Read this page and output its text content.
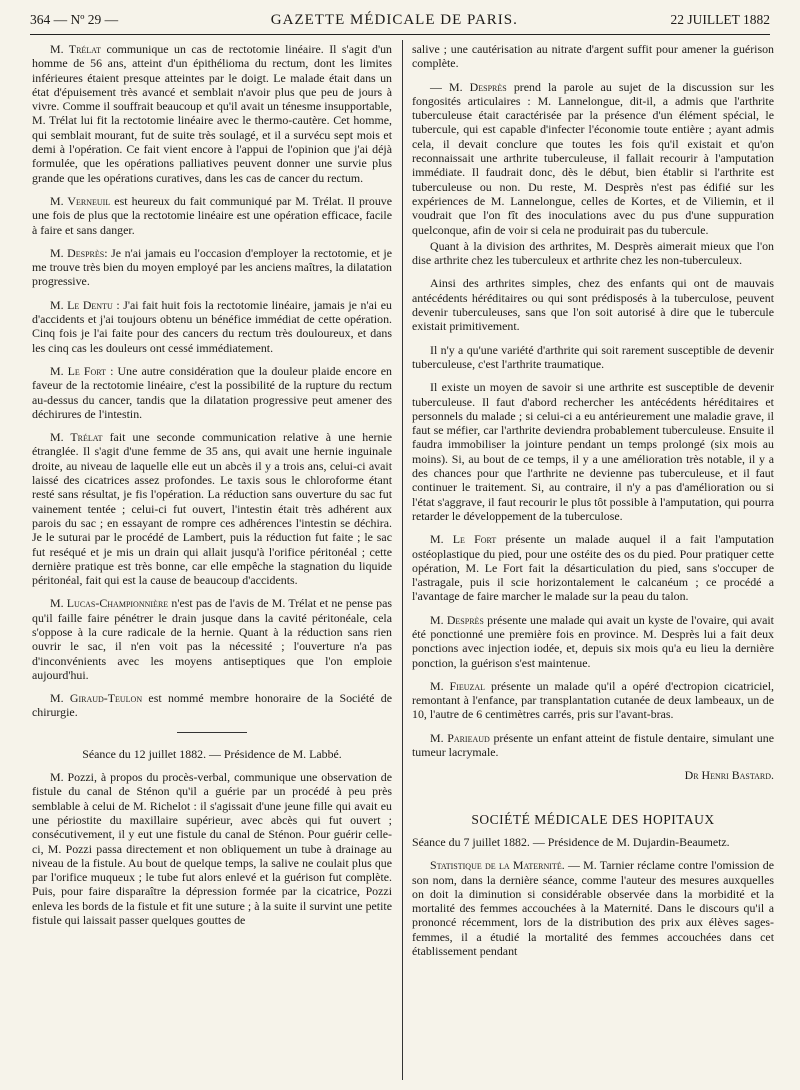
364 — Nº 29 —	GAZETTE MÉDICALE DE PARIS.	22 JUILLET 1882

M. Trélat communique un cas de rectotomie linéaire. Il s'agit d'un homme de 56 ans, atteint d'un épithélioma du rectum, dont les limites inférieures étaient presque atteintes par le doigt. Le malade était dans un état d'épuisement très avancé et semblait n'avoir plus que peu de jours à vivre. Comme il souffrait beaucoup et qu'il avait un ténesme insupportable, M. Trélat lui fit la rectotomie linéaire avec le thermo-cautère. Cet homme, qui semblait mourant, fut de suite très soulagé, et il a survécu sept mois et demi à l'opération. Ce fait vient encore à l'appui de l'opinion que j'ai déjà formulée, que les opérations palliatives peuvent donner une survie plus grande que les opérations curatives, dans les cas de cancer du rectum.

M. Verneuil est heureux du fait communiqué par M. Trélat. Il prouve une fois de plus que la rectotomie linéaire est une opération efficace, facile à faire et sans danger.

M. Desprès: Je n'ai jamais eu l'occasion d'employer la rectotomie, et je me trouve très bien du moyen employé par les anciens maîtres, la dilatation progressive.

M. Le Dentu : J'ai fait huit fois la rectotomie linéaire, jamais je n'ai eu d'accidents et j'ai toujours obtenu un bénéfice immédiat de cette opération. Cinq fois je l'ai faite pour des cancers du rectum très douloureux, et dans les cinq cas les douleurs ont cessé immédiatement.

M. Le Fort : Une autre considération que la douleur plaide encore en faveur de la rectotomie linéaire, c'est la possibilité de la rupture du rectum au-dessus du cancer, tandis que la dilatation progressive peut amener des déchirures de l'intestin.

M. Trélat fait une seconde communication relative à une hernie étranglée. Il s'agit d'une femme de 35 ans, qui avait une hernie inguinale droite, au niveau de laquelle elle eut un abcès il y a trois ans, celui-ci avait laissé des cicatrices assez profondes. Le taxis sous le chloroforme étant resté sans résultat, je fis l'opération. La réduction sans ouverture du sac fut vainement tentée ; celui-ci fut ouvert, l'intestin était très adhérent aux parois du sac ; en essayant de rompre ces adhérences l'intestin se déchira. Je le suturai par le procédé de Lambert, puis la réduction fut faite ; le sac fut reséqué et je mis un drain qui allait jusqu'à l'orifice péritonéal ; cette dernière pratique est très bonne, car elle empêche la stagnation du liquide péritonéal, fait qui est la cause de beaucoup d'accidents.

M. Lucas-Championnière n'est pas de l'avis de M. Trélat et ne pense pas qu'il faille faire pénétrer le drain jusque dans la cavité péritonéale, cela s'oppose à la cure radicale de la hernie. Quant à la réduction sans rien ouvrir le sac, il n'en voit pas la nécessité ; l'ouverture n'a pas d'inconvénients avec les moyens antiseptiques que l'on emploie aujourd'hui.

M. Giraud-Teulon est nommé membre honoraire de la Société de chirurgie.

Séance du 12 juillet 1882. — Présidence de M. Labbé.

M. Pozzi, à propos du procès-verbal, communique une observation de fistule du canal de Sténon qu'il a guérie par un procédé à peu près semblable à celui de M. Richelot : il s'agissait d'une jeune fille qui avait eu une périostite du maxillaire supérieur, avec abcès qui fut ouvert ; consécutivement, il y eut une fistule du canal de Sténon. Pour guérir celle-ci, M. Pozzi passa directement et non obliquement un tube à drainage au niveau de la fistule. Au bout de quelque temps, la salive ne coulait plus que par l'orifice muqueux ; le tube fut alors enlevé et la guérison fut complète. Puis, pour faire disparaître la dépression formée par la cicatrice, Pozzi enleva les bords de la fistule et fit une suture ; à la suite il survint une petite fistule qui laissait passer quelques gouttes de

salive ; une cautérisation au nitrate d'argent suffit pour amener la guérison complète.

— M. Desprès prend la parole au sujet de la discussion sur les fongosités articulaires : M. Lannelongue, dit-il, a admis que l'arthrite tuberculeuse était caractérisée par la présence d'un élément spécial, le tubercule, qui est capable d'infecter l'économie toute entière ; ayant admis cela, il devait conclure que toutes les fois qu'il existait et qu'on reconnaissait une arthrite tuberculeuse, il fallait recourir à l'amputation immédiate. Il faudrait donc, dès le début, bien établir si l'arthrite est tuberculeuse ou non. Du reste, M. Desprès n'est pas édifié sur les expériences de M. Lannelongue, celles de Kortes, et de Viliemin, et il voudrait que l'on fît des inoculations avec du pus d'une suppuration quelconque, afin de voir si cela ne produirait pas du tubercule.

Quant à la division des arthrites, M. Desprès aimerait mieux que l'on dise arthrite chez les tuberculeux et arthrite chez les non-tuberculeux.

Ainsi des arthrites simples, chez des enfants qui ont de mauvais antécédents héréditaires ou qui sont prédisposés à la tuberculose, peuvent devenir tuberculeuses, sans que l'on soit autorisé à dire que le tubercule existait primitivement.

Il n'y a qu'une variété d'arthrite qui soit rarement susceptible de devenir tuberculeuse, c'est l'arthrite traumatique.

Il existe un moyen de savoir si une arthrite est susceptible de devenir tuberculeuse. Il faut d'abord rechercher les antécédents héréditaires et personnels du malade ; si celui-ci a eu antérieurement une maladie grave, il faut se méfier, car l'arthrite deviendra probablement tuberculeuse. Ensuite il faudra immobiliser la jointure pendant un temps prolongé (six mois au moins). Si, au bout de ce temps, il y a une amélioration très notable, il y a des chances pour que l'arthrite ne devienne pas tuberculeuse, et il faut continuer le traitement. Si, au contraire, il n'y a pas d'amélioration ou si l'état s'aggrave, il faut recourir le plus tôt possible à l'amputation, qui pourra retarder le développement de la tuberculose.

M. Le Fort présente un malade auquel il a fait l'amputation ostéoplastique du pied, pour une ostéite des os du pied. Pour pratiquer cette opération, M. Le Fort fait la désarticulation du pied, sans s'occuper de l'astragale, puis il scie horizontalement le calcanéum ; ce procédé a l'avantage de faire marcher le malade sur la peau du talon.

M. Desprès présente une malade qui avait un kyste de l'ovaire, qui avait été ponctionné une première fois en province. M. Desprès lui a fait deux ponctions avec injection iodée, et, depuis six mois qu'a eu lieu la dernière ponction, la guérison s'est maintenue.

M. Fieuzal présente un malade qu'il a opéré d'ectropion cicatriciel, remontant à l'enfance, par transplantation cutanée de deux lambeaux, un de 10, l'autre de 6 centimètres carrés, pris sur l'avant-bras.

M. Parieaud présente un enfant atteint de fistule dentaire, simulant une tumeur lacrymale.

Dr Henri Bastard.

SOCIÉTÉ MÉDICALE DES HOPITAUX

Séance du 7 juillet 1882. — Présidence de M. Dujardin-Beaumetz.

Statistique de la Maternité. — M. Tarnier réclame contre l'omission de son nom, dans la dernière séance, comme l'auteur des mesures auxquelles on doit la diminution si considérable observée dans la morbidité et la mortalité des femmes accouchées à la Maternité. Dans le discours qu'il a prononcé récemment, lors de la distribution des prix aux élèves sages-femmes, il a étudié la mortalité des femmes accouchées dans cet établissement pendant
